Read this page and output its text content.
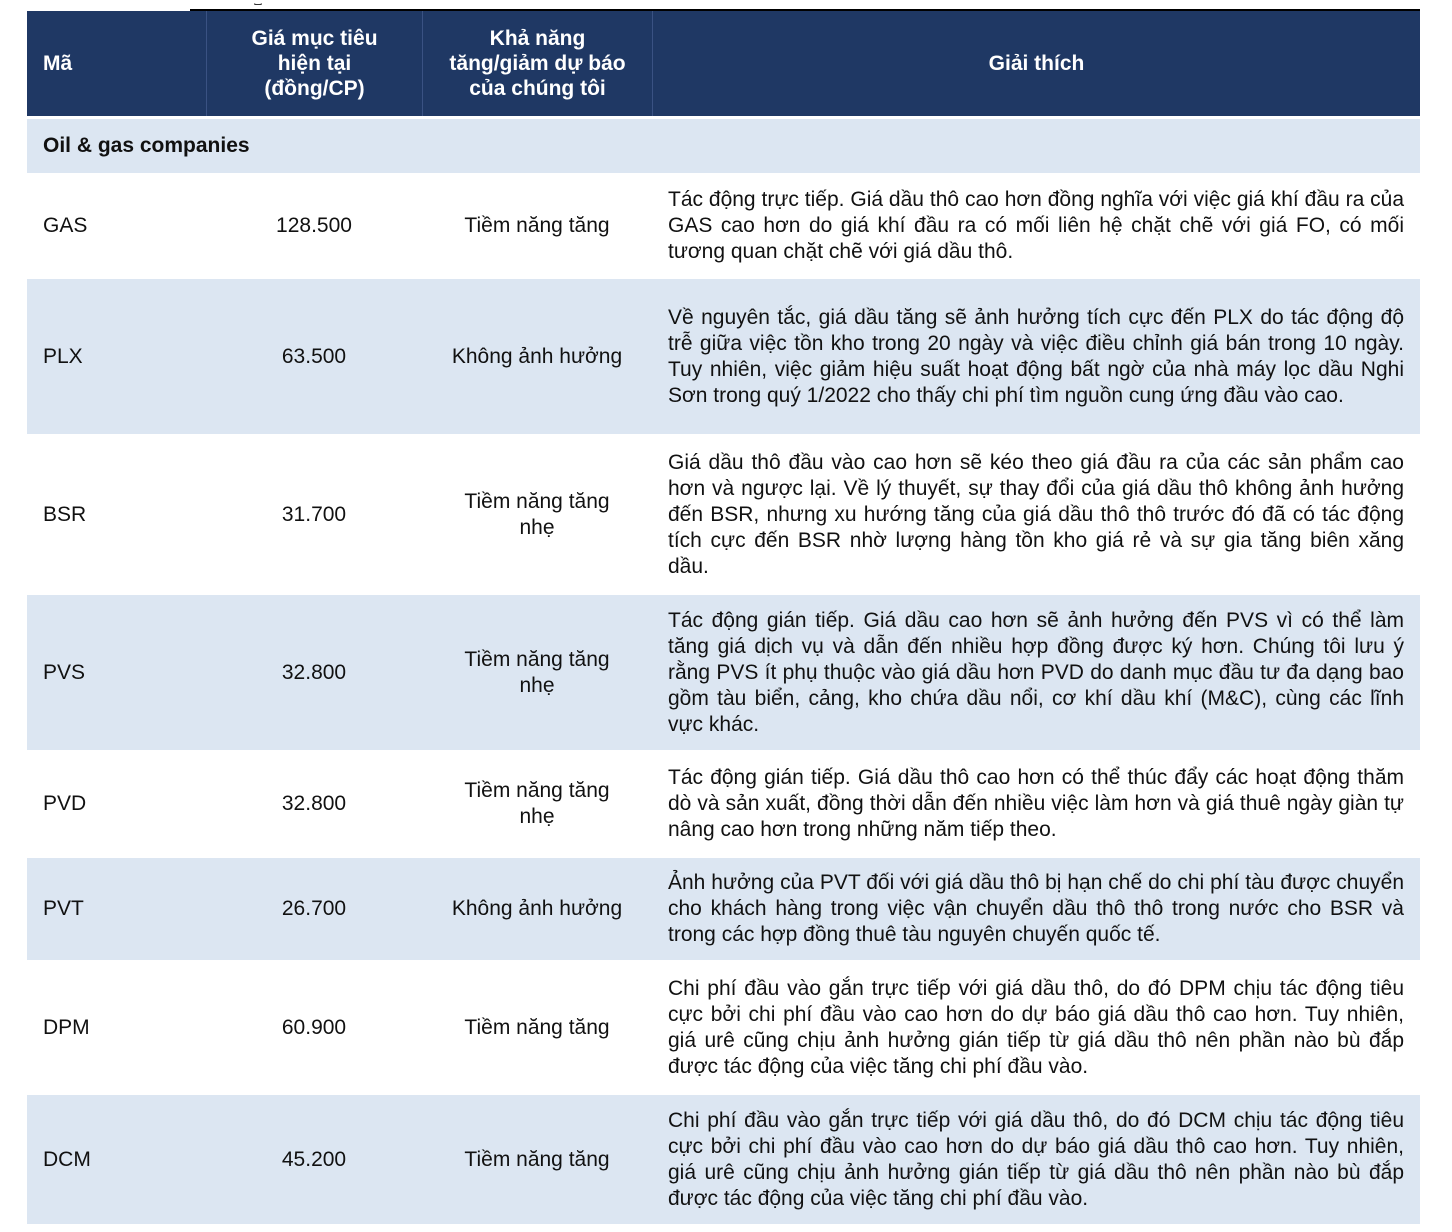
Mã	Giá mục tiêu
hiện tại
(đồng/CP)	Khả năng
tăng/giảm dự báo
của chúng tôi	Giải thích
Oil & gas companies			
GAS	128.500	Tiềm năng tăng	Tác động trực tiếp. Giá dầu thô cao hơn đồng nghĩa với việc giá khí đầu ra của GAS cao hơn do giá khí đầu ra có mối liên hệ chặt chẽ với giá FO, có mối tương quan chặt chẽ với giá dầu thô.

PLX	63.500	Không ảnh hưởng	Về nguyên tắc, giá dầu tăng sẽ ảnh hưởng tích cực đến PLX do tác động độ trễ giữa việc tồn kho trong 20 ngày và việc điều chỉnh giá bán trong 10 ngày. Tuy nhiên, việc giảm hiệu suất hoạt động bất ngờ của nhà máy lọc dầu Nghi Sơn trong quý 1/2022 cho thấy chi phí tìm nguồn cung ứng đầu vào cao.

BSR	31.700	Tiềm năng tăng nhẹ	Giá dầu thô đầu vào cao hơn sẽ kéo theo giá đầu ra của các sản phẩm cao hơn và ngược lại. Về lý thuyết, sự thay đổi của giá dầu thô không ảnh hưởng đến BSR, nhưng xu hướng tăng của giá dầu thô thô trước đó đã có tác động tích cực đến BSR nhờ lượng hàng tồn kho giá rẻ và sự gia tăng biên xăng dầu.

PVS	32.800	Tiềm năng tăng nhẹ	Tác động gián tiếp. Giá dầu cao hơn sẽ ảnh hưởng đến PVS vì có thể làm tăng giá dịch vụ và dẫn đến nhiều hợp đồng được ký hơn. Chúng tôi lưu ý rằng PVS ít phụ thuộc vào giá dầu hơn PVD do danh mục đầu tư đa dạng bao gồm tàu biển, cảng, kho chứa dầu nổi, cơ khí dầu khí (M&C), cùng các lĩnh vực khác.

PVD	32.800	Tiềm năng tăng nhẹ	Tác động gián tiếp. Giá dầu thô cao hơn có thể thúc đẩy các hoạt động thăm dò và sản xuất, đồng thời dẫn đến nhiều việc làm hơn và giá thuê ngày giàn tự nâng cao hơn trong những năm tiếp theo.

PVT	26.700	Không ảnh hưởng	Ảnh hưởng của PVT đối với giá dầu thô bị hạn chế do chi phí tàu được chuyển cho khách hàng trong việc vận chuyển dầu thô thô trong nước cho BSR và trong các hợp đồng thuê tàu nguyên chuyến quốc tế.

DPM	60.900	Tiềm năng tăng	Chi phí đầu vào gắn trực tiếp với giá dầu thô, do đó DPM chịu tác động tiêu cực bởi chi phí đầu vào cao hơn do dự báo giá dầu thô cao hơn. Tuy nhiên, giá urê cũng chịu ảnh hưởng gián tiếp từ giá dầu thô nên phần nào bù đắp được tác động của việc tăng chi phí đầu vào.

DCM	45.200	Tiềm năng tăng	Chi phí đầu vào gắn trực tiếp với giá dầu thô, do đó DCM chịu tác động tiêu cực bởi chi phí đầu vào cao hơn do dự báo giá dầu thô cao hơn. Tuy nhiên, giá urê cũng chịu ảnh hưởng gián tiếp từ giá dầu thô nên phần nào bù đắp được tác động của việc tăng chi phí đầu vào.
